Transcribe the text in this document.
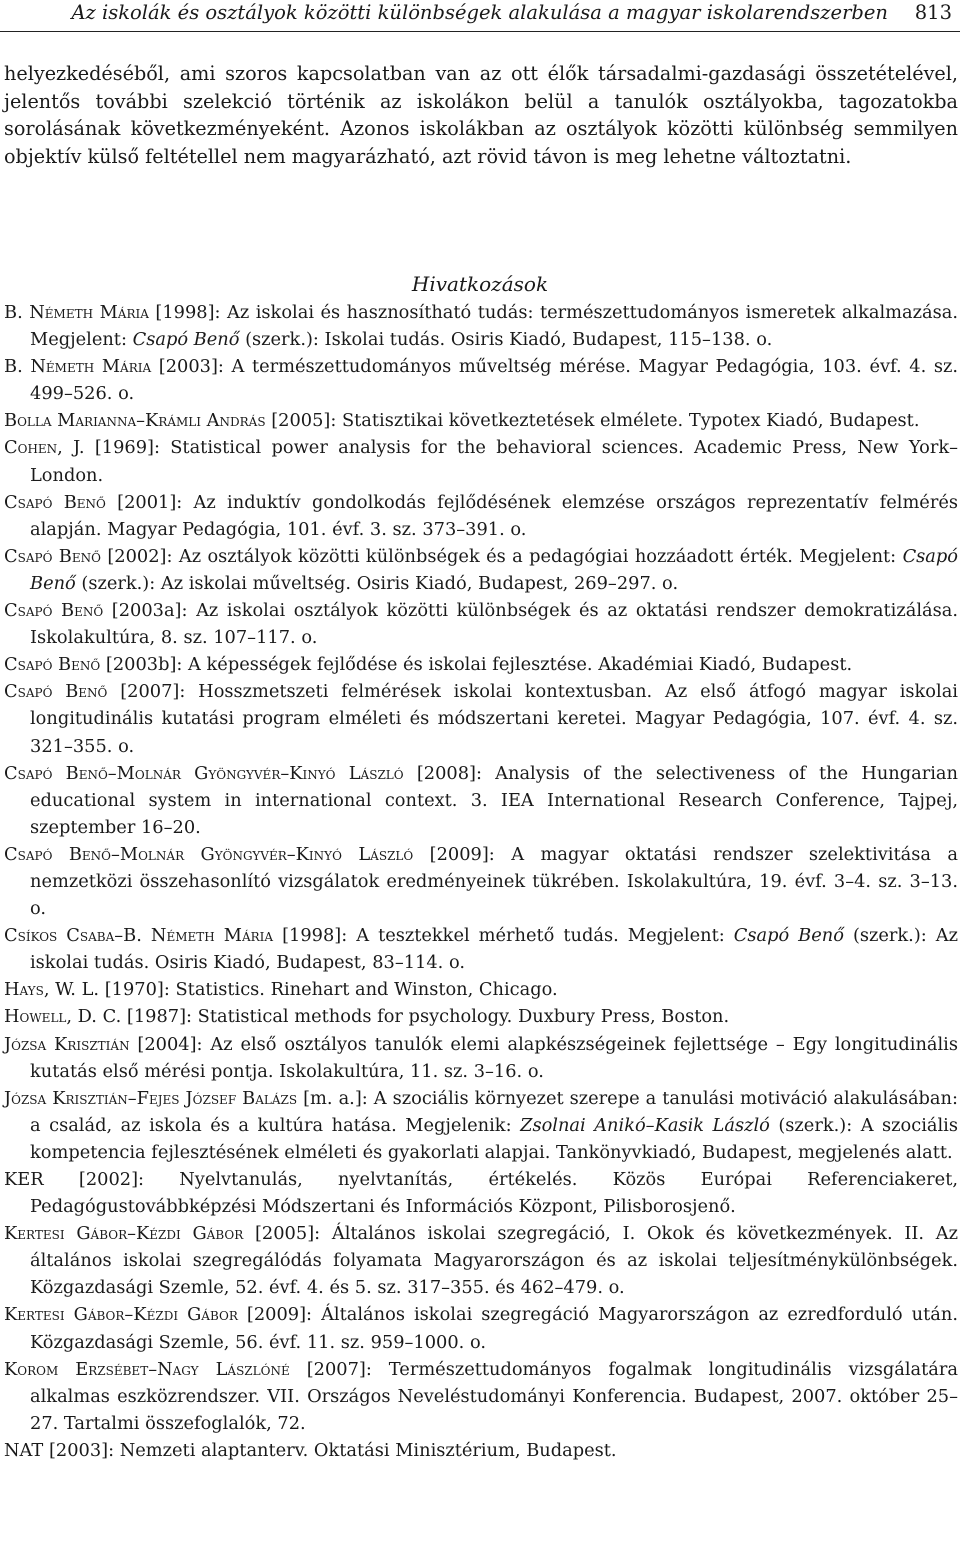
Az iskolák és osztályok közötti különbségek alakulása a magyar iskolarendszerben 813

helyezkedéséből, ami szoros kapcsolatban van az ott élők társadalmi-gazdasági összetételével, jelentős további szelekció történik az iskolákon belül a tanulók osztályokba, tagozatokba sorolásának következményeként. Azonos iskolákban az osztályok közötti különbség semmilyen objektív külső feltétellel nem magyarázható, azt rövid távon is meg lehetne változtatni.

Hivatkozások
B. Németh Mária [1998]: Az iskolai és hasznosítható tudás: természettudományos ismeretek alkalmazása. Megjelent: Csapó Benő (szerk.): Iskolai tudás. Osiris Kiadó, Budapest, 115–138. o.
B. Németh Mária [2003]: A természettudományos műveltség mérése. Magyar Pedagógia, 103. évf. 4. sz. 499–526. o.
Bolla Marianna–Krámli András [2005]: Statisztikai következtetések elmélete. Typotex Kiadó, Budapest.
Cohen, J. [1969]: Statistical power analysis for the behavioral sciences. Academic Press, New York–London.
Csapó Benő [2001]: Az induktív gondolkodás fejlődésének elemzése országos reprezentatív felmérés alapján. Magyar Pedagógia, 101. évf. 3. sz. 373–391. o.
Csapó Benő [2002]: Az osztályok közötti különbségek és a pedagógiai hozzáadott érték. Megjelent: Csapó Benő (szerk.): Az iskolai műveltség. Osiris Kiadó, Budapest, 269–297. o.
Csapó Benő [2003a]: Az iskolai osztályok közötti különbségek és az oktatási rendszer demokratizálása. Iskolakultúra, 8. sz. 107–117. o.
Csapó Benő [2003b]: A képességek fejlődése és iskolai fejlesztése. Akadémiai Kiadó, Budapest.
Csapó Benő [2007]: Hosszmetszeti felmérések iskolai kontextusban. Az első átfogó magyar iskolai longitudinális kutatási program elméleti és módszertani keretei. Magyar Pedagógia, 107. évf. 4. sz. 321–355. o.
Csapó Benő–Molnár Gyöngyvér–Kinyó László [2008]: Analysis of the selectiveness of the Hungarian educational system in international context. 3. IEA International Research Conference, Tajpej, szeptember 16–20.
Csapó Benő–Molnár Gyöngyvér–Kinyó László [2009]: A magyar oktatási rendszer szelektivitása a nemzetközi összehasonlító vizsgálatok eredményeinek tükrében. Iskolakultúra, 19. évf. 3–4. sz. 3–13. o.
Csíkos Csaba–B. Németh Mária [1998]: A tesztekkel mérhető tudás. Megjelent: Csapó Benő (szerk.): Az iskolai tudás. Osiris Kiadó, Budapest, 83–114. o.
Hays, W. L. [1970]: Statistics. Rinehart and Winston, Chicago.
Howell, D. C. [1987]: Statistical methods for psychology. Duxbury Press, Boston.
Józsa Krisztián [2004]: Az első osztályos tanulók elemi alapkészségeinek fejlettsége – Egy longitudinális kutatás első mérési pontja. Iskolakultúra, 11. sz. 3–16. o.
Józsa Krisztián–Fejes József Balázs [m. a.]: A szociális környezet szerepe a tanulási motiváció alakulásában: a család, az iskola és a kultúra hatása. Megjelenik: Zsolnai Anikó–Kasik László (szerk.): A szociális kompetencia fejlesztésének elméleti és gyakorlati alapjai. Tankönyvkiadó, Budapest, megjelenés alatt.
KER [2002]: Nyelvtanulás, nyelvtanítás, értékelés. Közös Európai Referenciakeret, Pedagógustovábbképzési Módszertani és Információs Központ, Pilisborosjenő.
Kertesi Gábor–Kézdi Gábor [2005]: Általános iskolai szegregáció, I. Okok és következmények. II. Az általános iskolai szegregálódás folyamata Magyarországon és az iskolai teljesítménykülönbségek. Közgazdasági Szemle, 52. évf. 4. és 5. sz. 317–355. és 462–479. o.
Kertesi Gábor–Kézdi Gábor [2009]: Általános iskolai szegregáció Magyarországon az ezredforduló után. Közgazdasági Szemle, 56. évf. 11. sz. 959–1000. o.
Korom Erzsébet–Nagy Lászlóné [2007]: Természettudományos fogalmak longitudinális vizsgálatára alkalmas eszközrendszer. VII. Országos Neveléstudományi Konferencia. Budapest, 2007. október 25–27. Tartalmi összefoglalók, 72.
NAT [2003]: Nemzeti alaptanterv. Oktatási Minisztérium, Budapest.
